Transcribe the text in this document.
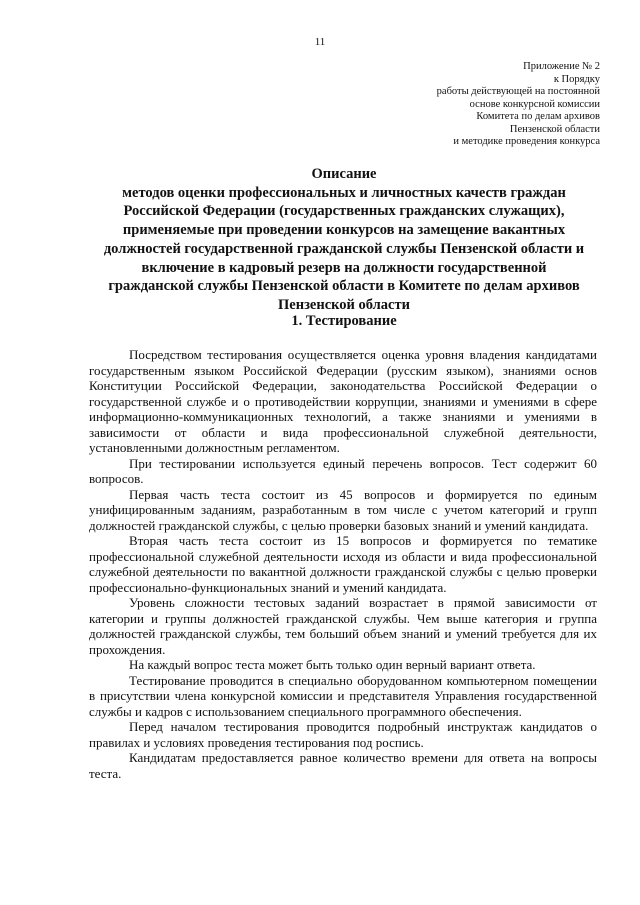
11
Приложение № 2
к Порядку
работы действующей на постоянной
основе конкурсной комиссии
Комитета по делам архивов
Пензенской области
и методике проведения конкурса
Описание
методов оценки профессиональных и личностных качеств граждан
Российской Федерации (государственных гражданских служащих),
применяемые при проведении конкурсов на замещение вакантных
должностей государственной гражданской службы Пензенской области и
включение в кадровый резерв на должности государственной
гражданской службы Пензенской области в Комитете по делам архивов
Пензенской области
1. Тестирование

Посредством тестирования осуществляется оценка уровня владения кандидатами государственным языком Российской Федерации (русским языком), знаниями основ Конституции Российской Федерации, законодательства Российской Федерации о государственной службе и о противодействии коррупции, знаниями и умениями в сфере информационно-коммуникационных технологий, а также знаниями и умениями в зависимости от области и вида профессиональной служебной деятельности, установленными должностным регламентом.

При тестировании используется единый перечень вопросов. Тест содержит 60 вопросов.

Первая часть теста состоит из 45 вопросов и формируется по единым унифицированным заданиям, разработанным в том числе с учетом категорий и групп должностей гражданской службы, с целью проверки базовых знаний и умений кандидата.

Вторая часть теста состоит из 15 вопросов и формируется по тематике профессиональной служебной деятельности исходя из области и вида профессиональной служебной деятельности по вакантной должности гражданской службы с целью проверки профессионально-функциональных знаний и умений кандидата.

Уровень сложности тестовых заданий возрастает в прямой зависимости от категории и группы должностей гражданской службы. Чем выше категория и группа должностей гражданской службы, тем больший объем знаний и умений требуется для их прохождения.

На каждый вопрос теста может быть только один верный вариант ответа.

Тестирование проводится в специально оборудованном компьютерном помещении в присутствии члена конкурсной комиссии и представителя Управления государственной службы и кадров с использованием специального программного обеспечения.

Перед началом тестирования проводится подробный инструктаж кандидатов о правилах и условиях проведения тестирования под роспись.

Кандидатам предоставляется равное количество времени для ответа на вопросы теста.
